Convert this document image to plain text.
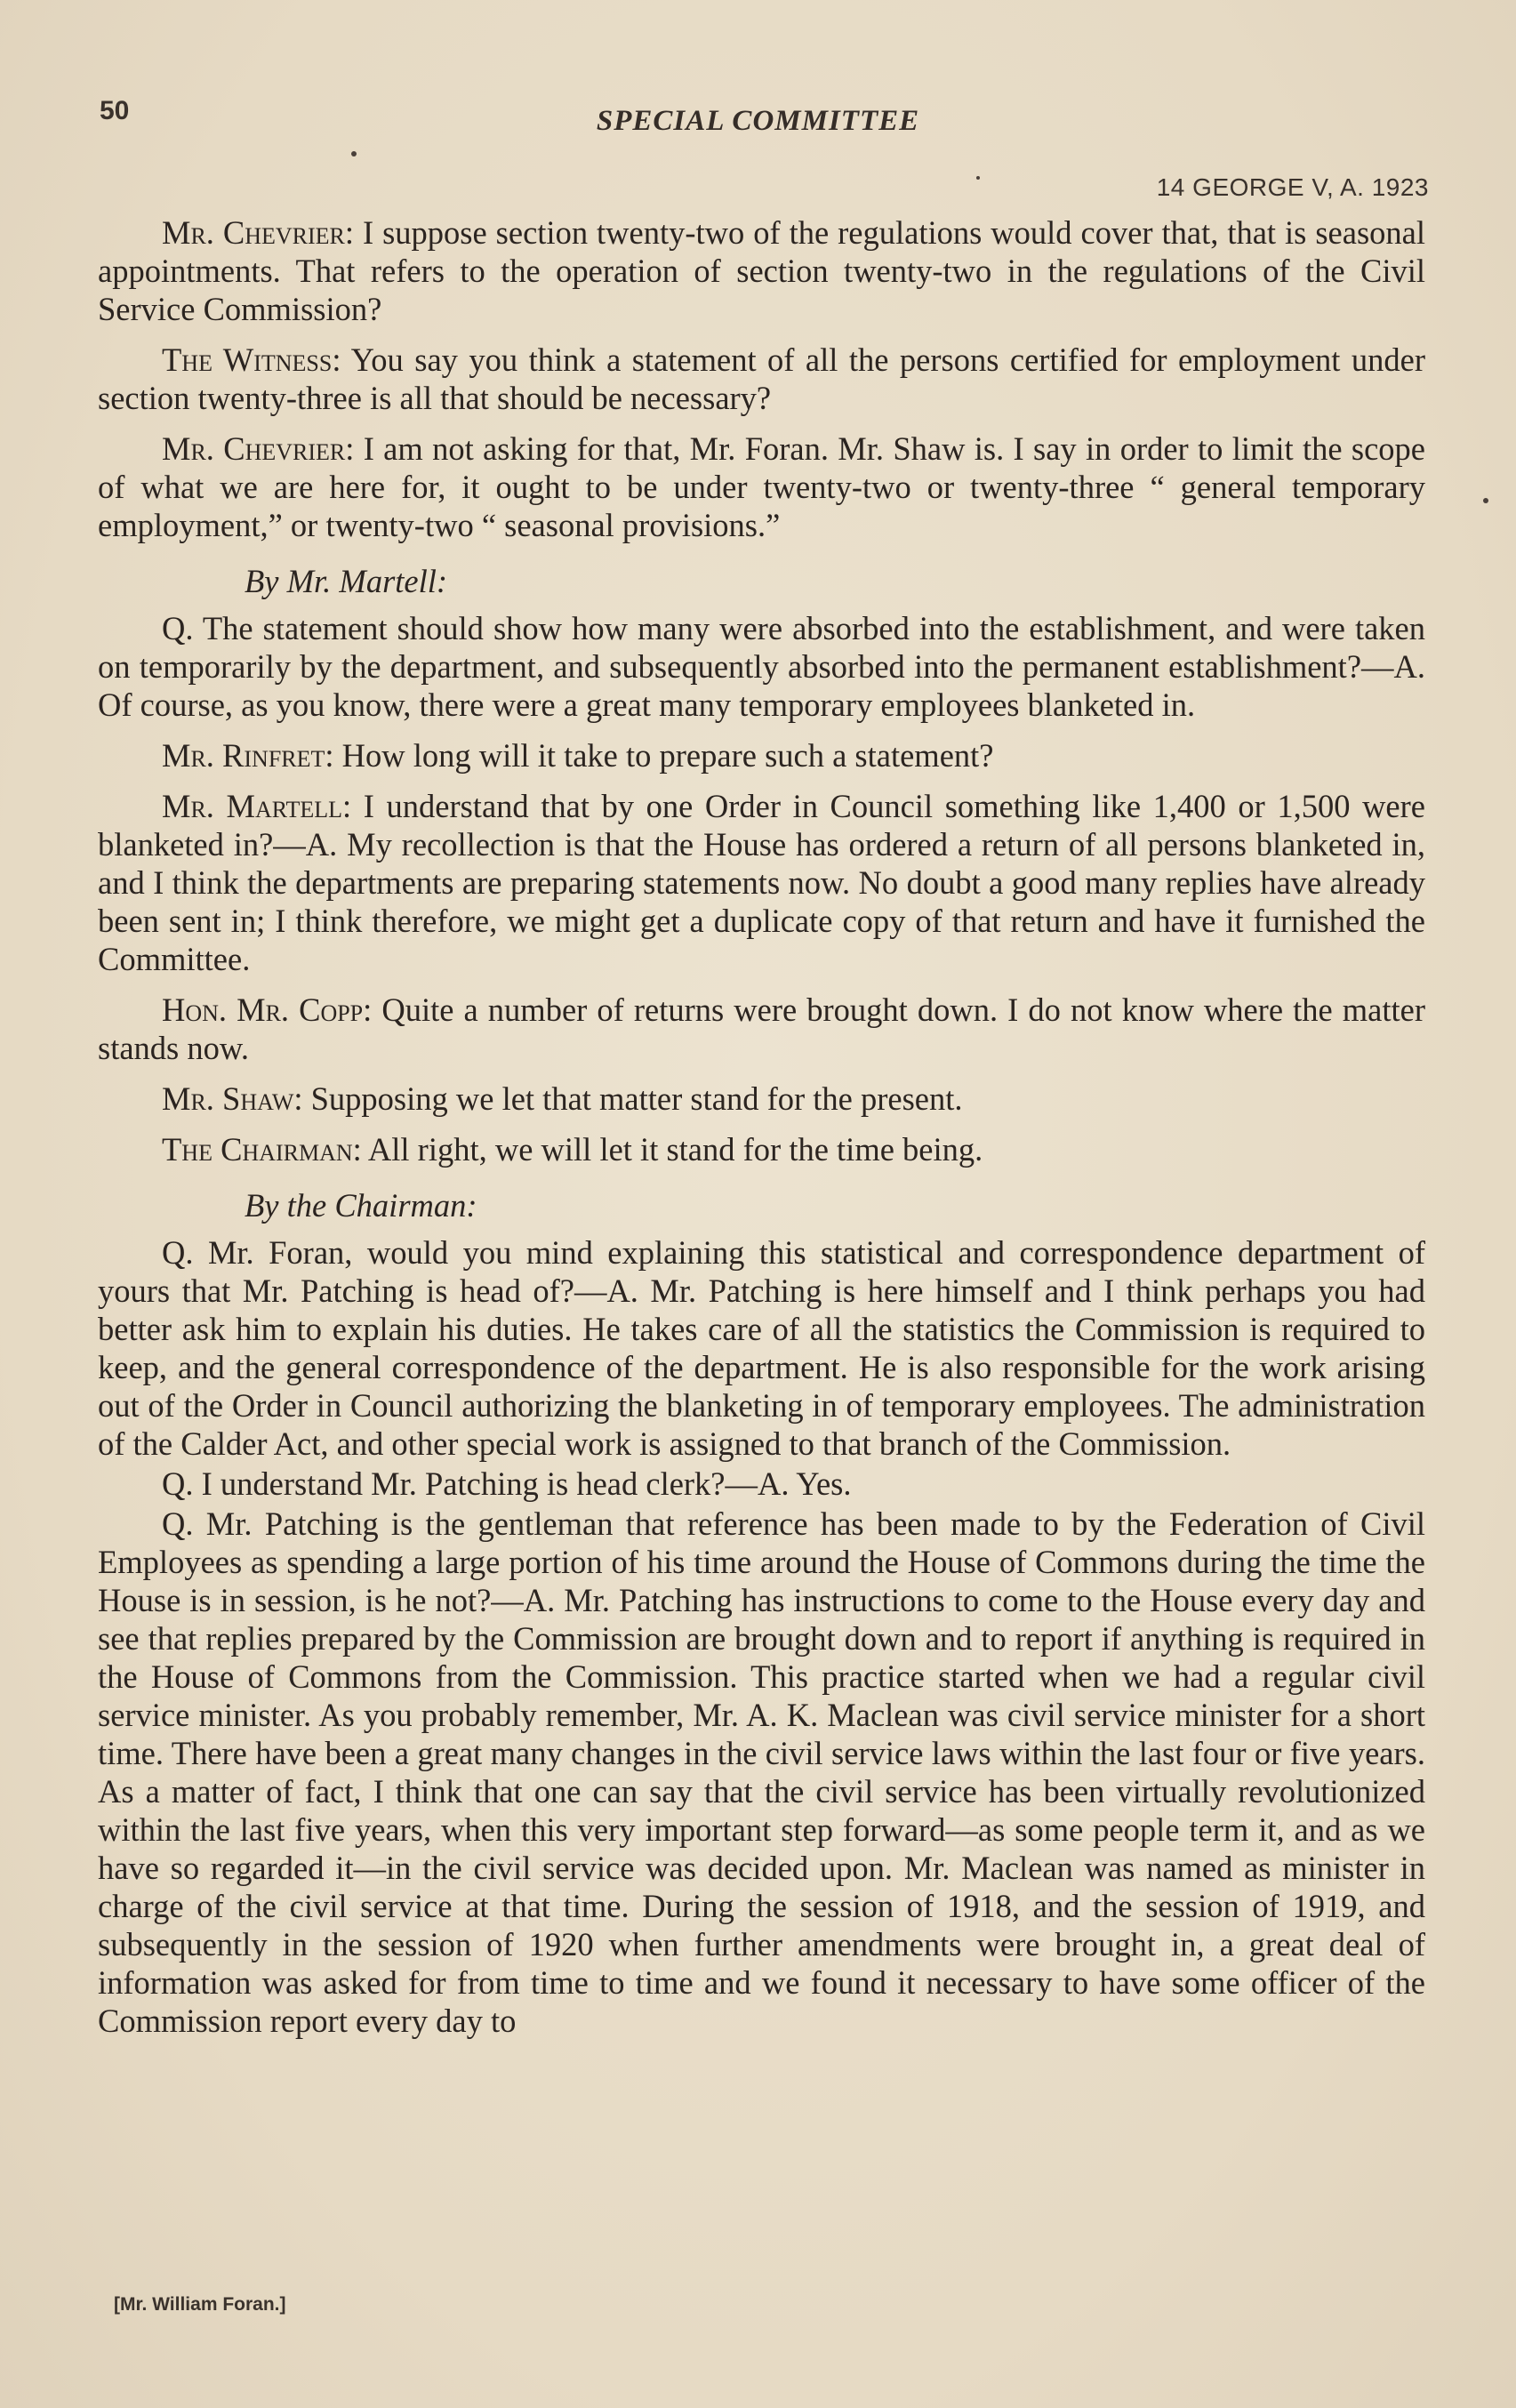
50	SPECIAL COMMITTEE
14 GEORGE V, A. 1923

Mr. Chevrier: I suppose section twenty-two of the regulations would cover that, that is seasonal appointments. That refers to the operation of section twenty-two in the regulations of the Civil Service Commission?

The Witness: You say you think a statement of all the persons certified for employment under section twenty-three is all that should be necessary?

Mr. Chevrier: I am not asking for that, Mr. Foran. Mr. Shaw is. I say in order to limit the scope of what we are here for, it ought to be under twenty-two or twenty-three “ general temporary employment,” or twenty-two “ seasonal provisions.”

By Mr. Martell:

Q. The statement should show how many were absorbed into the establishment, and were taken on temporarily by the department, and subsequently absorbed into the permanent establishment?—A. Of course, as you know, there were a great many temporary employees blanketed in.

Mr. Rinfret: How long will it take to prepare such a statement?

Mr. Martell: I understand that by one Order in Council something like 1,400 or 1,500 were blanketed in?—A. My recollection is that the House has ordered a return of all persons blanketed in, and I think the departments are preparing statements now. No doubt a good many replies have already been sent in; I think therefore, we might get a duplicate copy of that return and have it furnished the Committee.

Hon. Mr. Copp: Quite a number of returns were brought down. I do not know where the matter stands now.

Mr. Shaw: Supposing we let that matter stand for the present.

The Chairman: All right, we will let it stand for the time being.

By the Chairman:

Q. Mr. Foran, would you mind explaining this statistical and correspondence department of yours that Mr. Patching is head of?—A. Mr. Patching is here himself and I think perhaps you had better ask him to explain his duties. He takes care of all the statistics the Commission is required to keep, and the general correspondence of the department. He is also responsible for the work arising out of the Order in Council authorizing the blanketing in of temporary employees. The administration of the Calder Act, and other special work is assigned to that branch of the Commission.

Q. I understand Mr. Patching is head clerk?—A. Yes.

Q. Mr. Patching is the gentleman that reference has been made to by the Federation of Civil Employees as spending a large portion of his time around the House of Commons during the time the House is in session, is he not?—A. Mr. Patching has instructions to come to the House every day and see that replies prepared by the Commission are brought down and to report if anything is required in the House of Commons from the Commission. This practice started when we had a regular civil service minister. As you probably remember, Mr. A. K. Maclean was civil service minister for a short time. There have been a great many changes in the civil service laws within the last four or five years. As a matter of fact, I think that one can say that the civil service has been virtually revolutionized within the last five years, when this very important step forward—as some people term it, and as we have so regarded it—in the civil service was decided upon. Mr. Maclean was named as minister in charge of the civil service at that time. During the session of 1918, and the session of 1919, and subsequently in the session of 1920 when further amendments were brought in, a great deal of information was asked for from time to time and we found it necessary to have some officer of the Commission report every day to

[Mr. William Foran.]
